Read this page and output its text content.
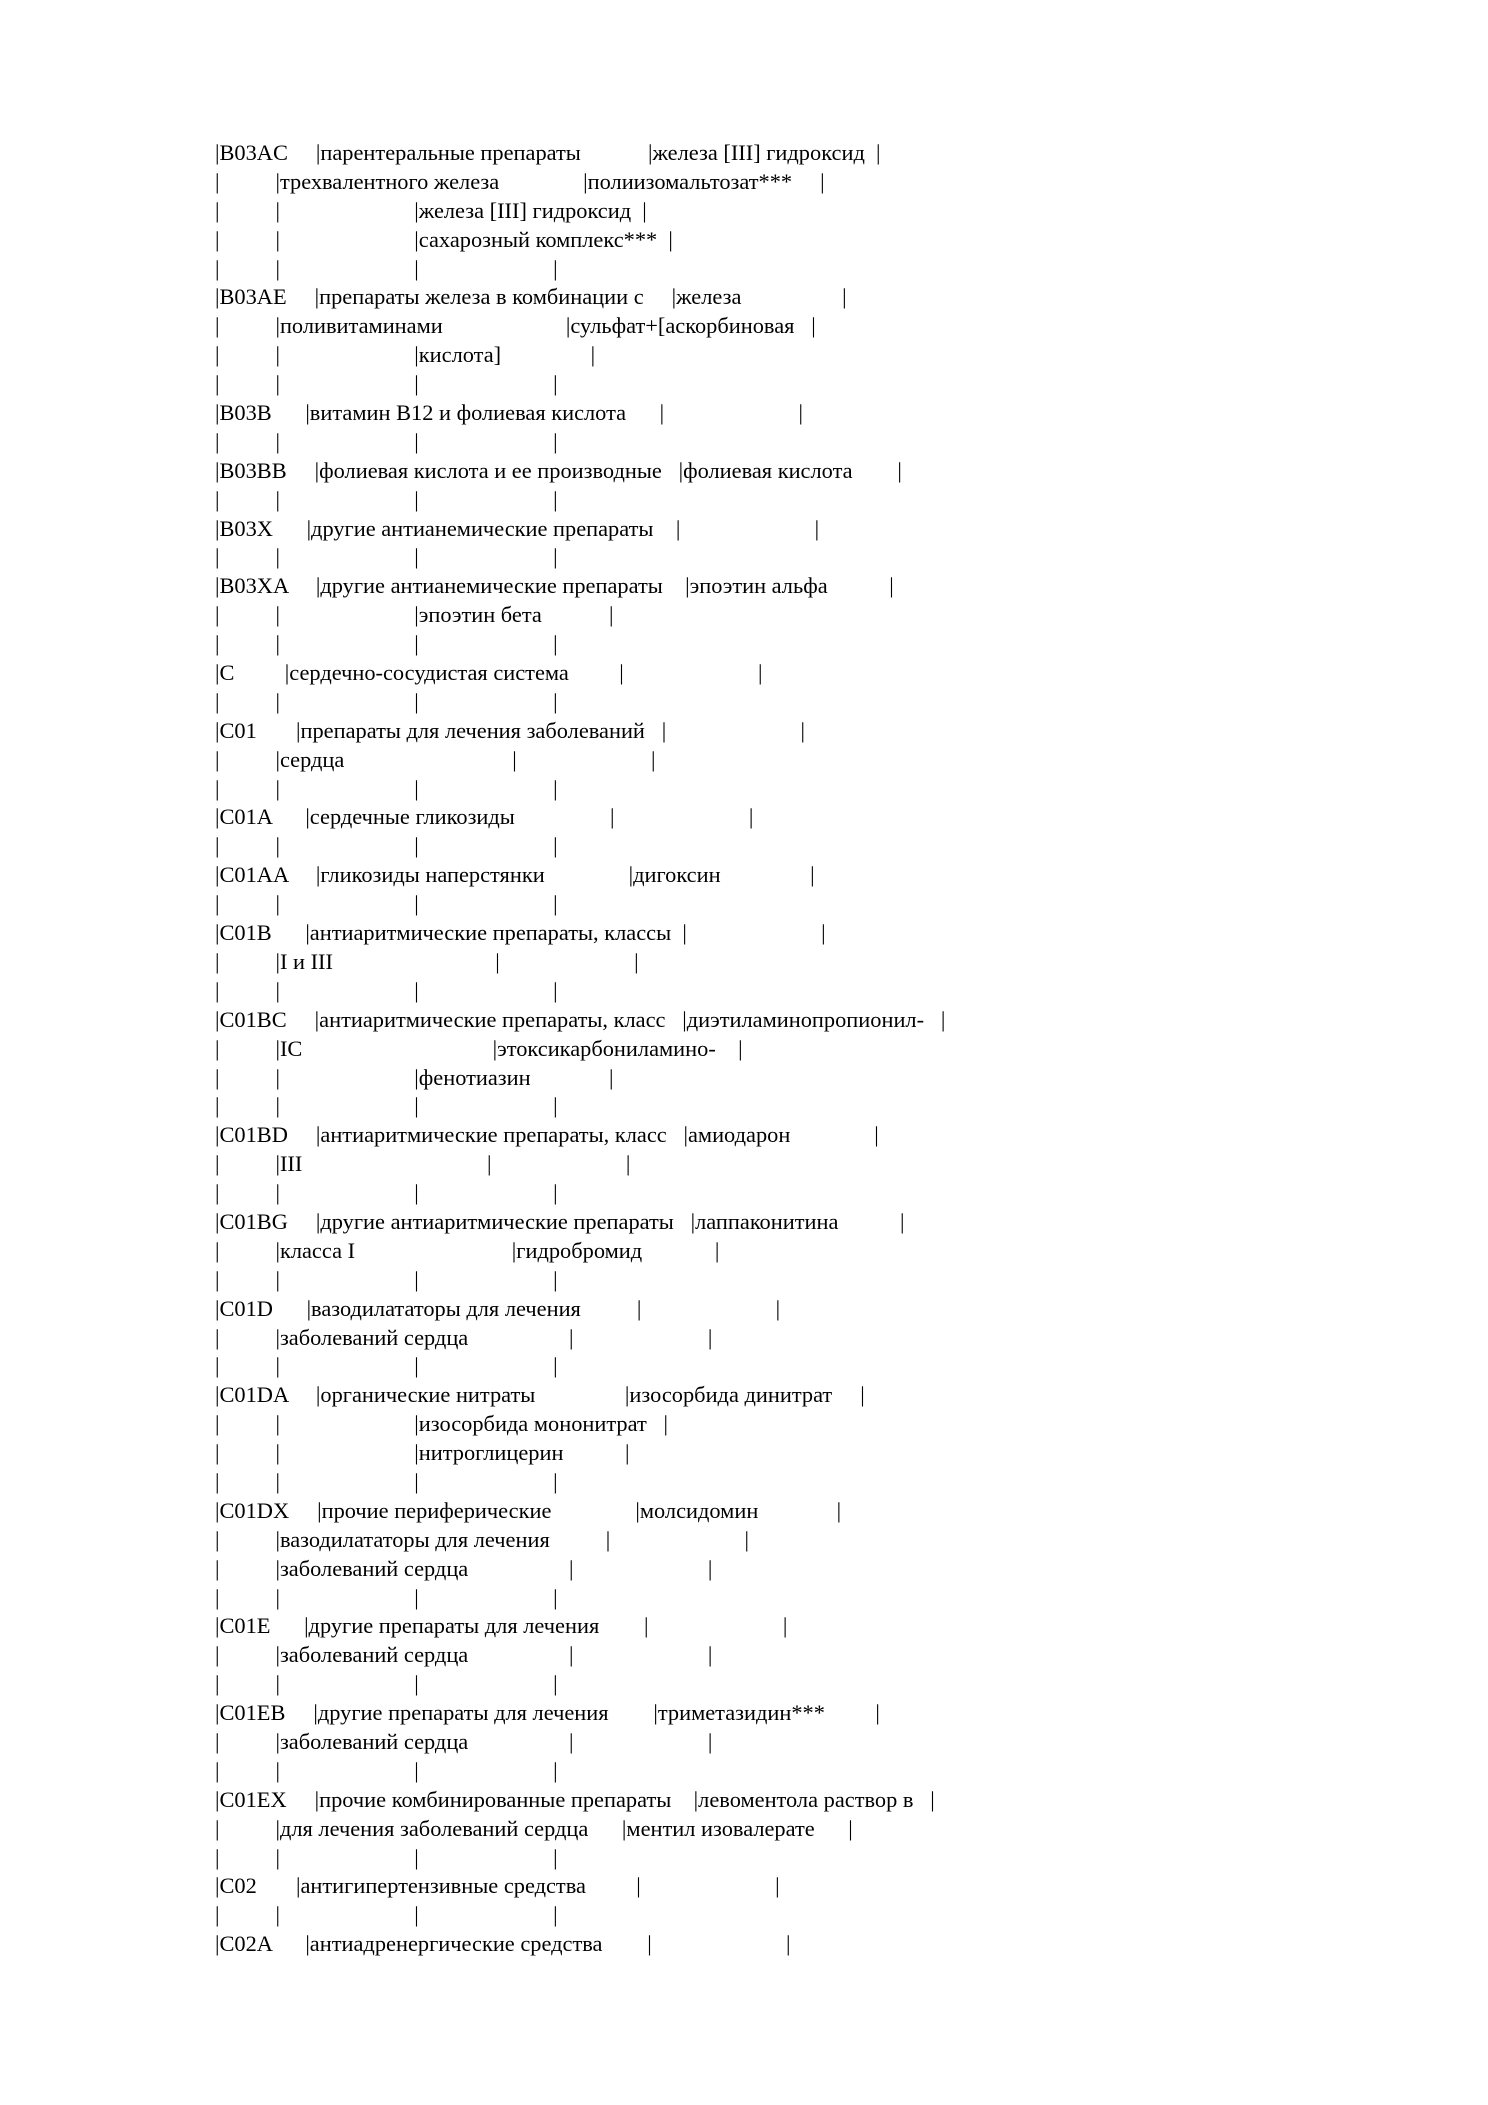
|B03AC     |парентеральные препараты            |железа [III] гидроксид  |
|          |трехвалентного железа               |полиизомальтозат***     |
|          |                        |железа [III] гидроксид  |
|          |                        |сахарозный комплекс***  |
|          |                        |                        |
|B03AE     |препараты железа в комбинации с     |железа                  |
|          |поливитаминами                      |сульфат+[аскорбиновая   |
|          |                        |кислота]                |
|          |                        |                        |
|B03B      |витамин B12 и фолиевая кислота      |                        |
|          |                        |                        |
|B03BB     |фолиевая кислота и ее производные   |фолиевая кислота        |
|          |                        |                        |
|B03X      |другие антианемические препараты    |                        |
|          |                        |                        |
|B03XA     |другие антианемические препараты    |эпоэтин альфа           |
|          |                        |эпоэтин бета            |
|          |                        |                        |
|C         |сердечно-сосудистая система         |                        |
|          |                        |                        |
|C01       |препараты для лечения заболеваний   |                        |
|          |сердца                              |                        |
|          |                        |                        |
|C01A      |сердечные гликозиды                 |                        |
|          |                        |                        |
|C01AA     |гликозиды наперстянки               |дигоксин                |
|          |                        |                        |
|C01B      |антиаритмические препараты, классы  |                        |
|          |I и III                             |                        |
|          |                        |                        |
|C01BC     |антиаритмические препараты, класс   |диэтиламинопропионил-   |
|          |IC                                  |этоксикарбониламино-    |
|          |                        |фенотиазин              |
|          |                        |                        |
|C01BD     |антиаритмические препараты, класс   |амиодарон               |
|          |III                                 |                        |
|          |                        |                        |
|C01BG     |другие антиаритмические препараты   |лаппаконитина           |
|          |класса I                            |гидробромид             |
|          |                        |                        |
|C01D      |вазодилататоры для лечения          |                        |
|          |заболеваний сердца                  |                        |
|          |                        |                        |
|C01DA     |органические нитраты                |изосорбида динитрат     |
|          |                        |изосорбида мононитрат   |
|          |                        |нитроглицерин           |
|          |                        |                        |
|C01DX     |прочие периферические               |молсидомин              |
|          |вазодилататоры для лечения          |                        |
|          |заболеваний сердца                  |                        |
|          |                        |                        |
|C01E      |другие препараты для лечения        |                        |
|          |заболеваний сердца                  |                        |
|          |                        |                        |
|C01EB     |другие препараты для лечения        |триметазидин***         |
|          |заболеваний сердца                  |                        |
|          |                        |                        |
|C01EX     |прочие комбинированные препараты    |левоментола раствор в   |
|          |для лечения заболеваний сердца      |ментил изовалерате      |
|          |                        |                        |
|C02       |антигипертензивные средства         |                        |
|          |                        |                        |
|C02A      |антиадренергические средства        |                        |
